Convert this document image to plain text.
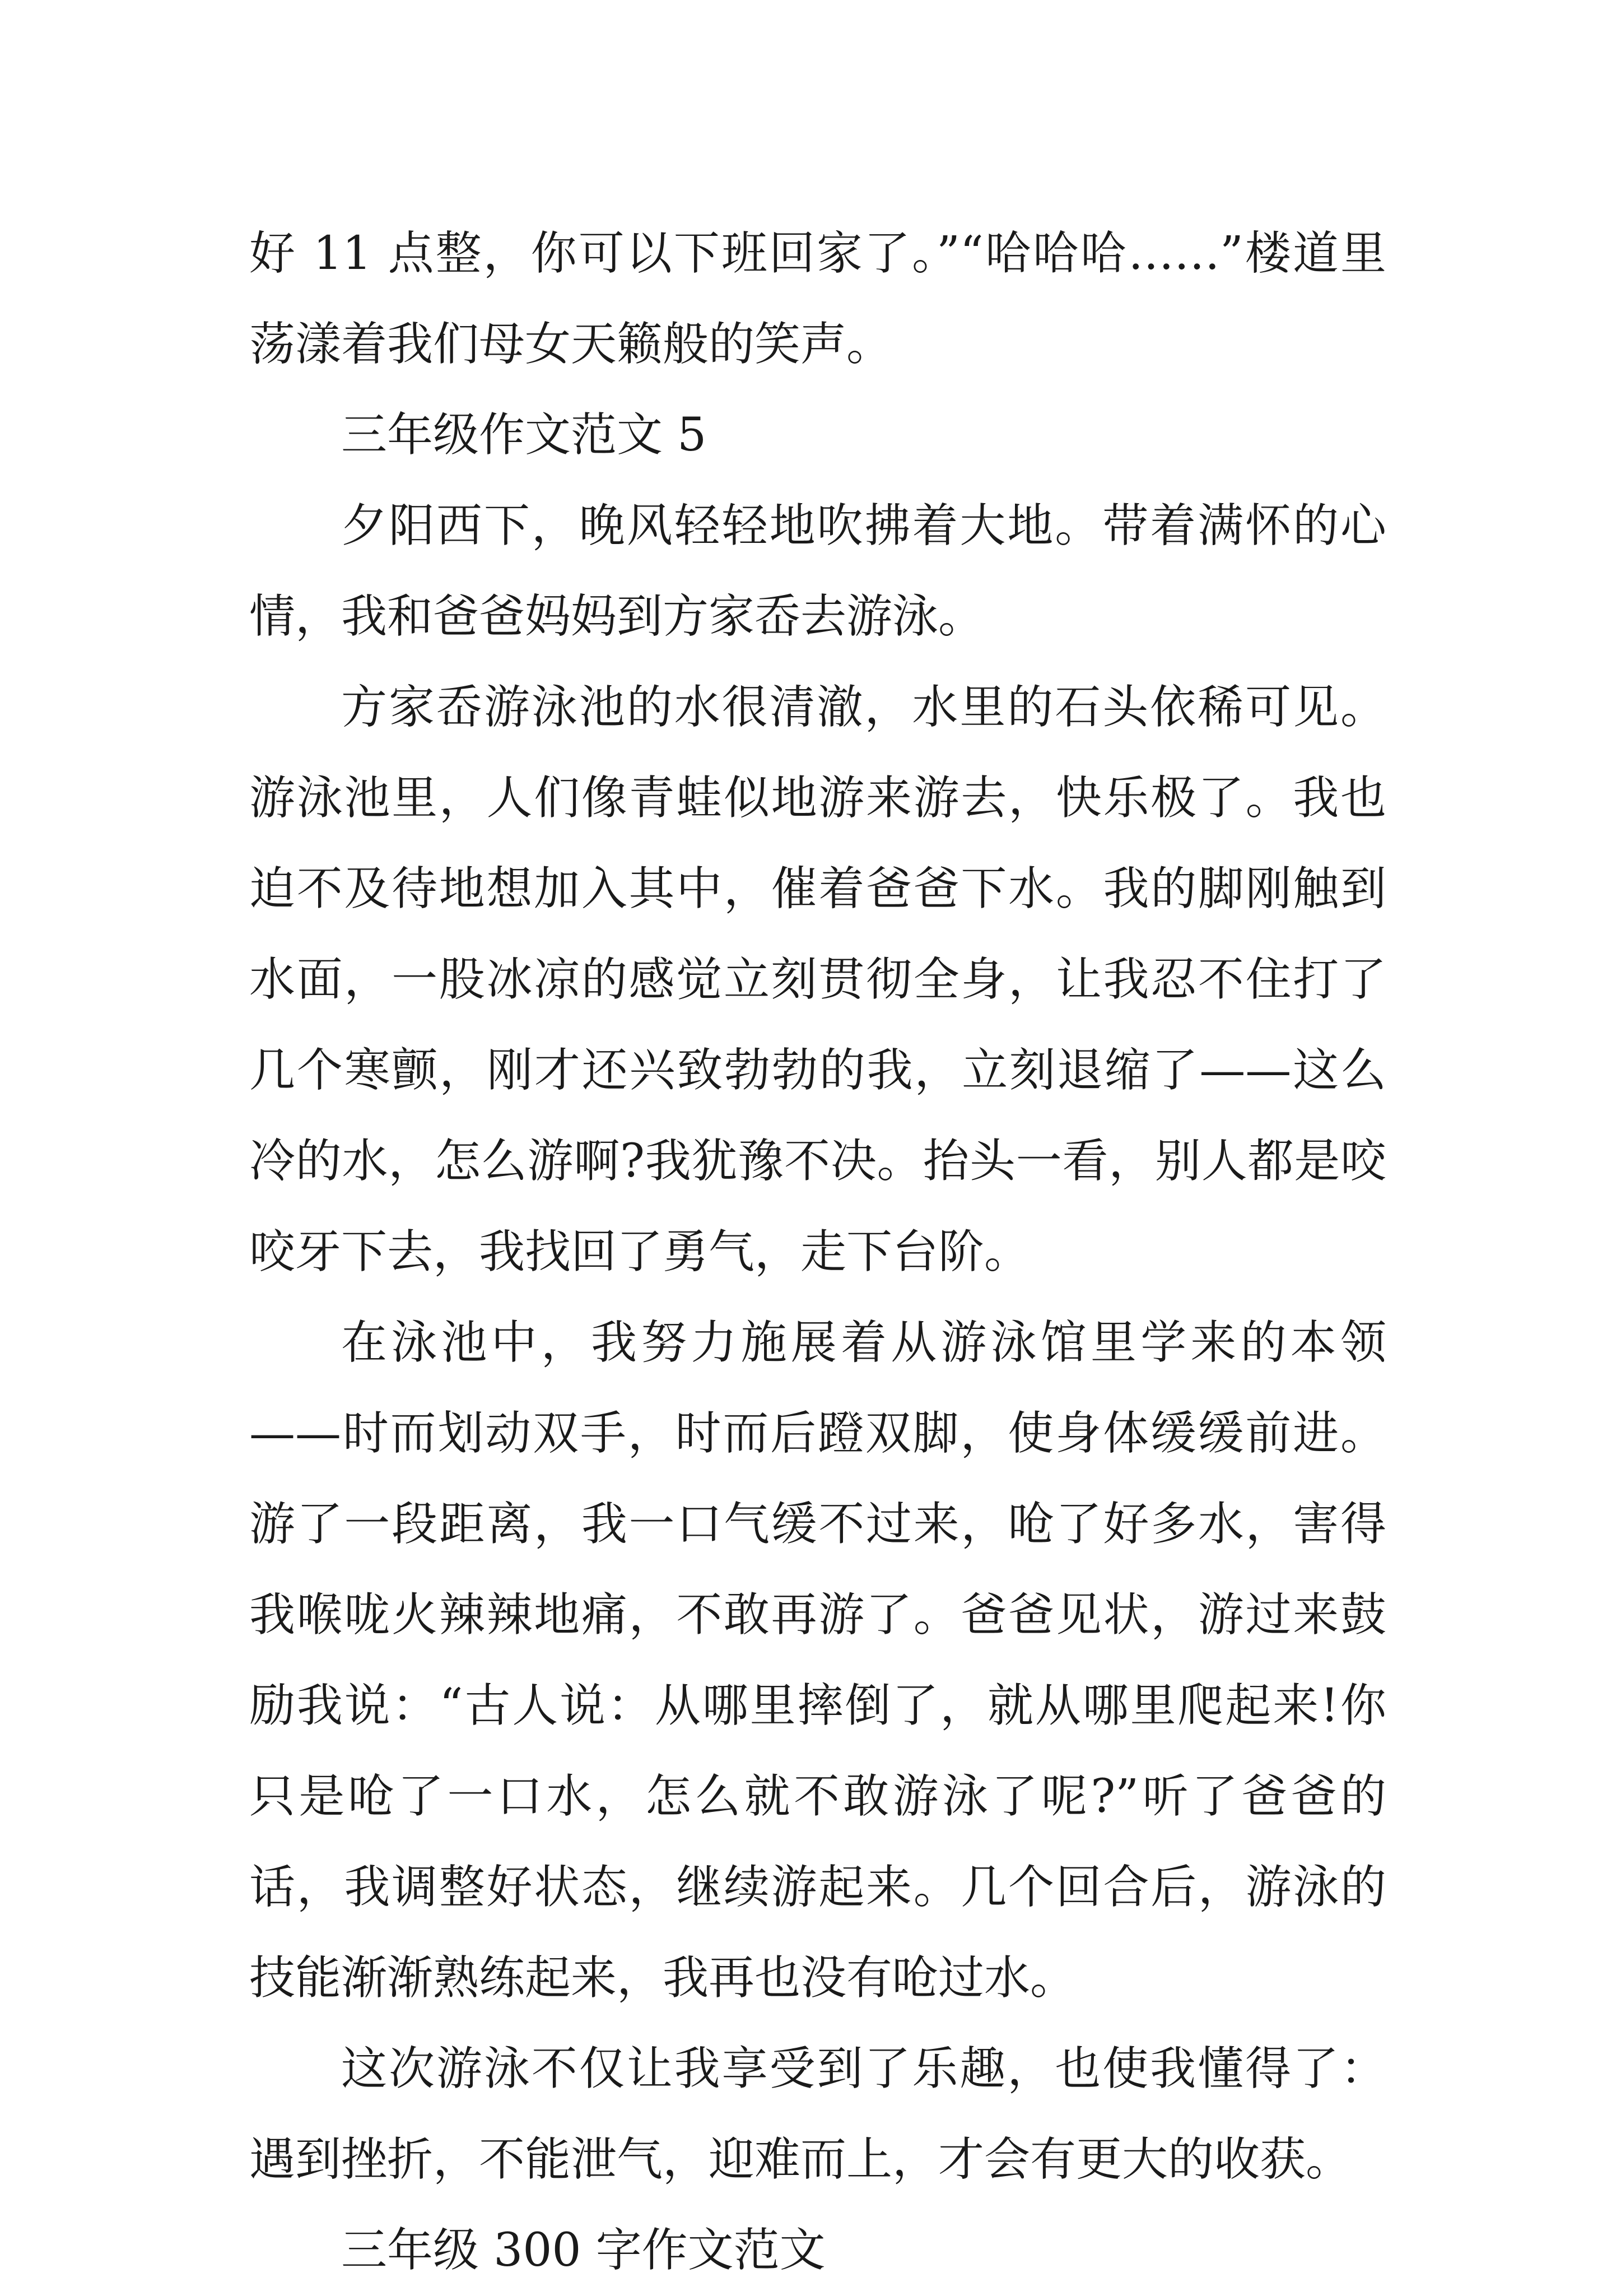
好 11 点整，你可以下班回家了。”“哈哈哈……”楼道里荡漾着我们母女天籁般的笑声。

三年级作文范文 5

夕阳西下，晚风轻轻地吹拂着大地。带着满怀的心情，我和爸爸妈妈到方家岙去游泳。

方家岙游泳池的水很清澈，水里的石头依稀可见。游泳池里，人们像青蛙似地游来游去，快乐极了。我也迫不及待地想加入其中，催着爸爸下水。我的脚刚触到水面，一股冰凉的感觉立刻贯彻全身，让我忍不住打了几个寒颤，刚才还兴致勃勃的我，立刻退缩了——这么冷的水，怎么游啊?我犹豫不决。抬头一看，别人都是咬咬牙下去，我找回了勇气，走下台阶。

在泳池中，我努力施展着从游泳馆里学来的本领——时而划动双手，时而后蹬双脚，使身体缓缓前进。游了一段距离，我一口气缓不过来，呛了好多水，害得我喉咙火辣辣地痛，不敢再游了。爸爸见状，游过来鼓励我说：“古人说：从哪里摔倒了，就从哪里爬起来!你只是呛了一口水，怎么就不敢游泳了呢?”听了爸爸的话，我调整好状态，继续游起来。几个回合后，游泳的技能渐渐熟练起来，我再也没有呛过水。

这次游泳不仅让我享受到了乐趣，也使我懂得了：遇到挫折，不能泄气，迎难而上，才会有更大的收获。

三年级 300 字作文范文
